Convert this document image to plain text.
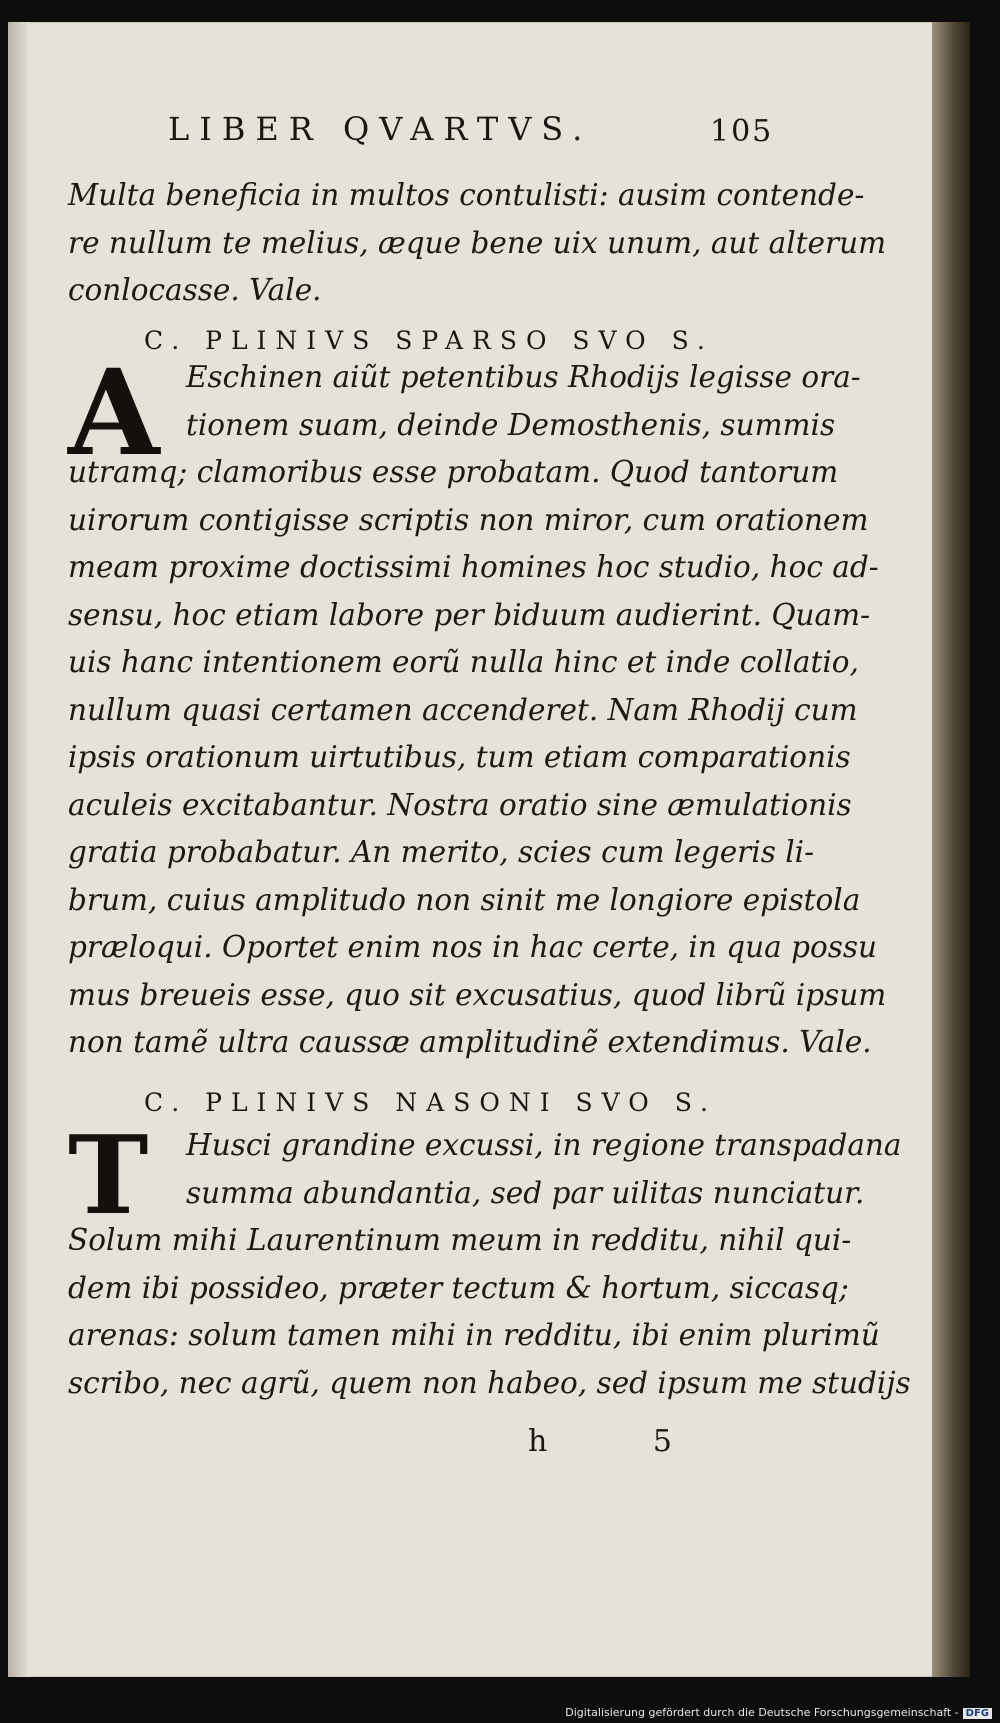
LIBER QVARTVS.	105
Multa beneficia in multos contulisti: ausim contende-
re nullum te melius, æque bene uix unum, aut alterum
conlocasse. Vale.
C. PLINIVS SPARSO SVO S.
A Eschinen aiũt petentibus Rhodijs legisse ora-
tionem suam, deinde Demosthenis, summis
utramq; clamoribus esse probatam. Quod tantorum
uirorum contigisse scriptis non miror, cum orationem
meam proxime doctissimi homines hoc studio, hoc ad-
sensu, hoc etiam labore per biduum audierint. Quam-
uis hanc intentionem eorũ nulla hinc et inde collatio,
nullum quasi certamen accenderet. Nam Rhodij cum
ipsis orationum uirtutibus, tum etiam comparationis
aculeis excitabantur. Nostra oratio sine æmulationis
gratia probabatur. An merito, scies cum legeris li-
brum, cuius amplitudo non sinit me longiore epistola
præloqui. Oportet enim nos in hac certe, in qua possu
mus breueis esse, quo sit excusatius, quod librũ ipsum
non tamẽ ultra caussæ amplitudinẽ extendimus. Vale.
C. PLINIVS NASONI SVO S.
T	Husci grandine excussi, in regione transpadana
summa abundantia, sed par uilitas nunciatur.
Solum mihi Laurentinum meum in redditu, nihil qui-
dem ibi possideo, præter tectum & hortum, siccasq;
arenas: solum tamen mihi in redditu, ibi enim plurimũ
scribo, nec agrũ, quem non habeo, sed ipsum me studijs
h 5
Digitalisierung gefördert durch die Deutsche Forschungsgemeinschaft - DFG
